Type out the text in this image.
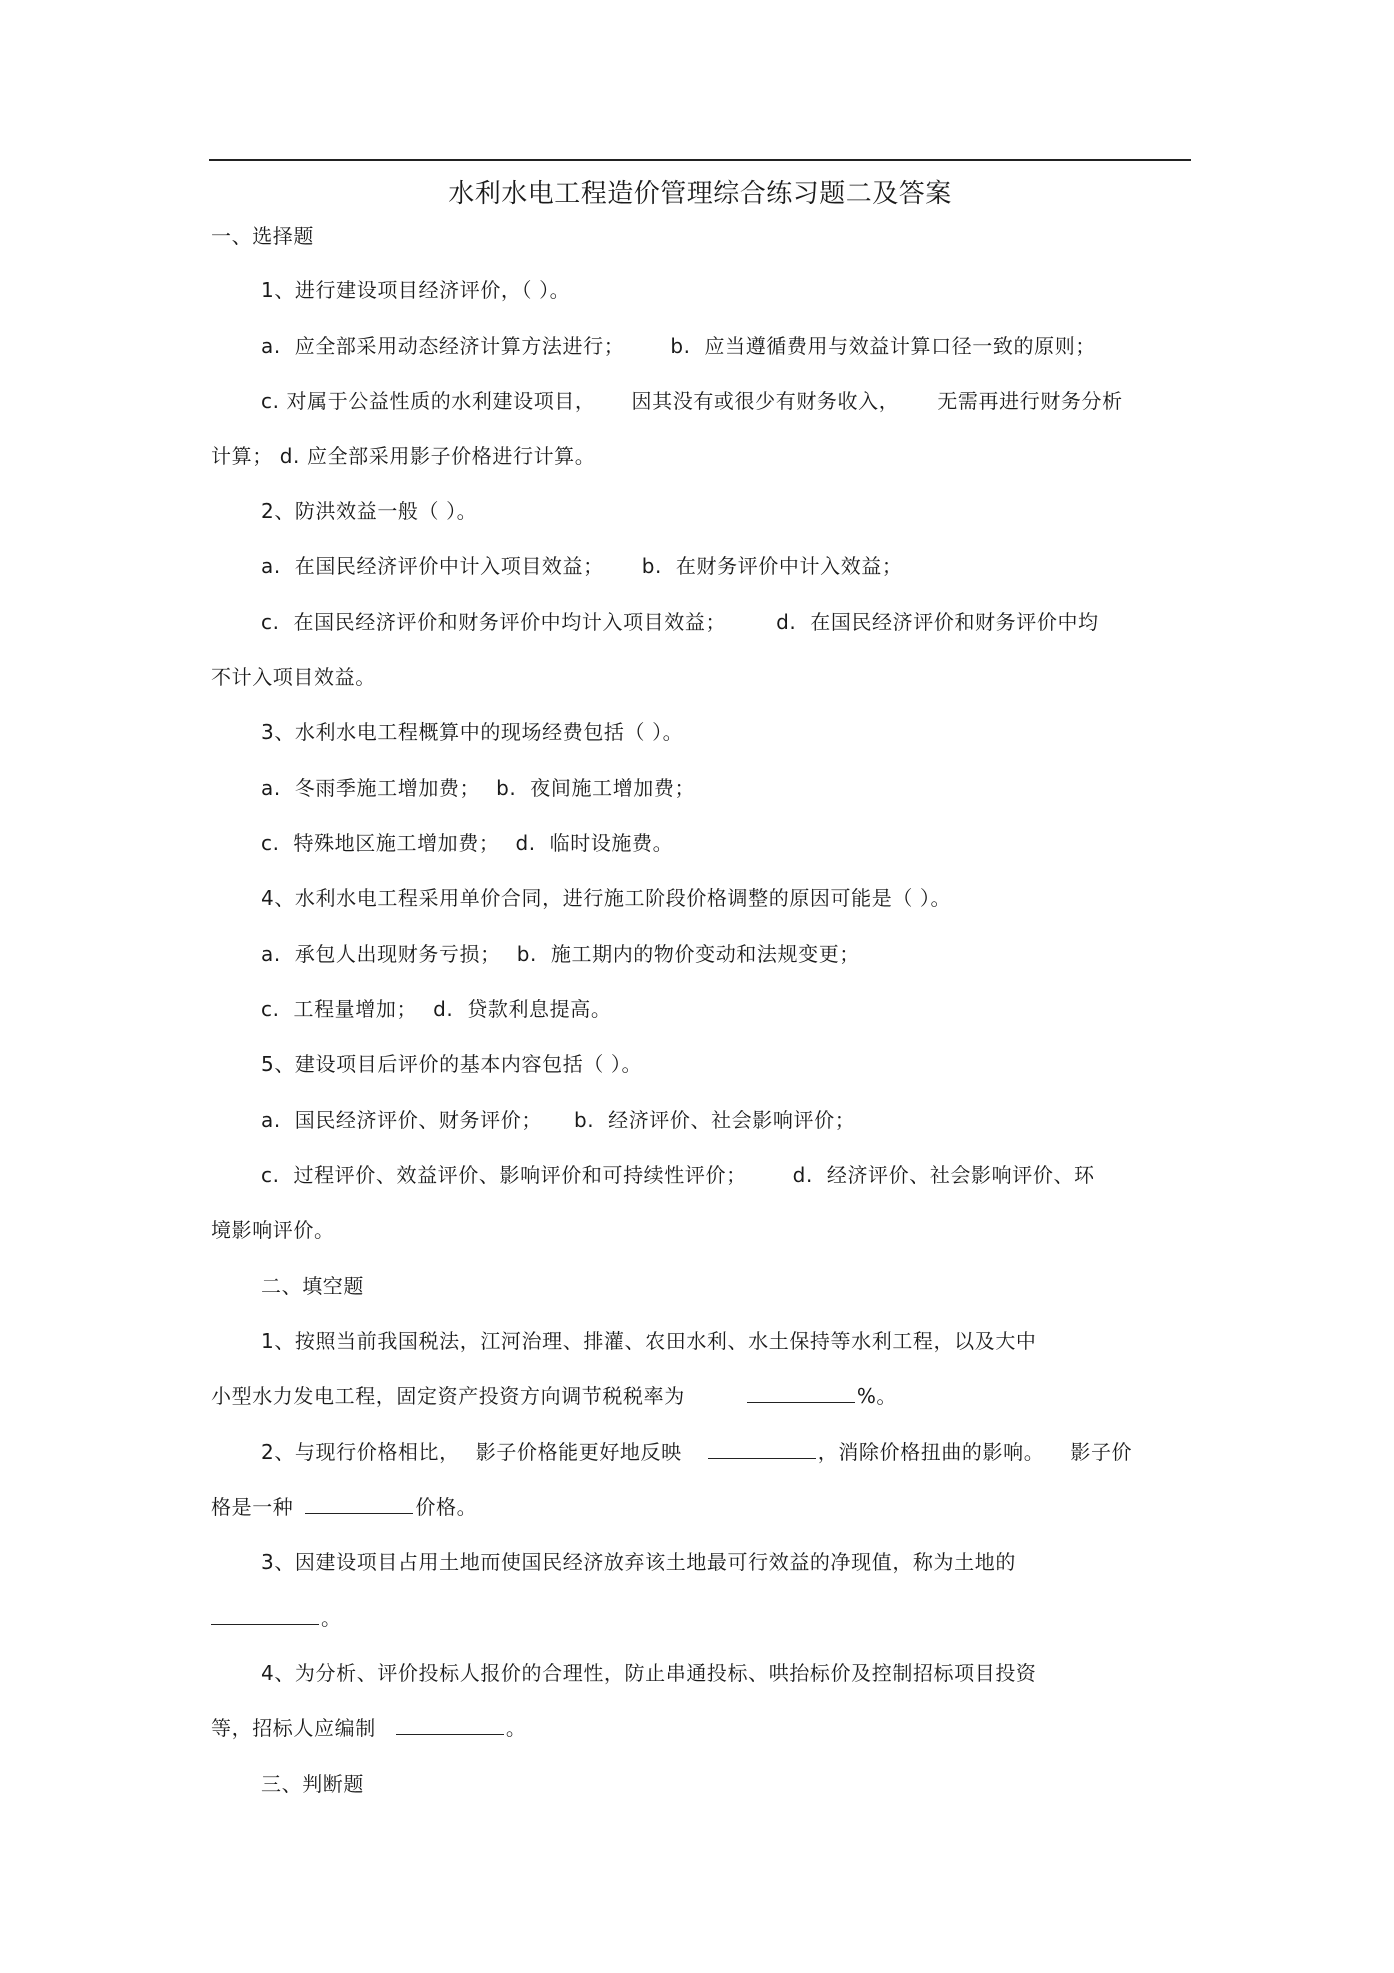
水利水电工程造价管理综合练习题二及答案
一、选择题
1、进行建设项目经济评价，（ ）。
a.  应全部采用动态经济计算方法进行； b.  应当遵循费用与效益计算口径一致的原则；
c. 对属于公益性质的水利建设项目， 因其没有或很少有财务收入， 无需再进行财务分析
计算； d. 应全部采用影子价格进行计算。
2、防洪效益一般（ ）。
a.  在国民经济评价中计入项目效益； b.  在财务评价中计入效益；
c.  在国民经济评价和财务评价中均计入项目效益；	d.  在国民经济评价和财务评价中均
不计入项目效益。
3、水利水电工程概算中的现场经费包括（ ）。
a.  冬雨季施工增加费； b.  夜间施工增加费；
c.  特殊地区施工增加费； d.  临时设施费。
4、水利水电工程采用单价合同，进行施工阶段价格调整的原因可能是（ ）。
a.  承包人出现财务亏损； b.  施工期内的物价变动和法规变更；
c.  工程量增加； d.  贷款利息提高。
5、建设项目后评价的基本内容包括（ ）。
a.  国民经济评价、财务评价； b.  经济评价、社会影响评价；
c.  过程评价、效益评价、影响评价和可持续性评价； d.  经济评价、社会影响评价、环
境影响评价。
二、填空题
1、按照当前我国税法，江河治理、排灌、农田水利、水土保持等水利工程，以及大中
小型水力发电工程，固定资产投资方向调节税税率为	%。
2、与现行价格相比， 影子价格能更好地反映	，消除价格扭曲的影响。 影子价
格是一种	价格。
3、因建设项目占用土地而使国民经济放弃该土地最可行效益的净现值，称为土地的
。
4、为分析、评价投标人报价的合理性，防止串通投标、哄抬标价及控制招标项目投资
等，招标人应编制	。
三、判断题
